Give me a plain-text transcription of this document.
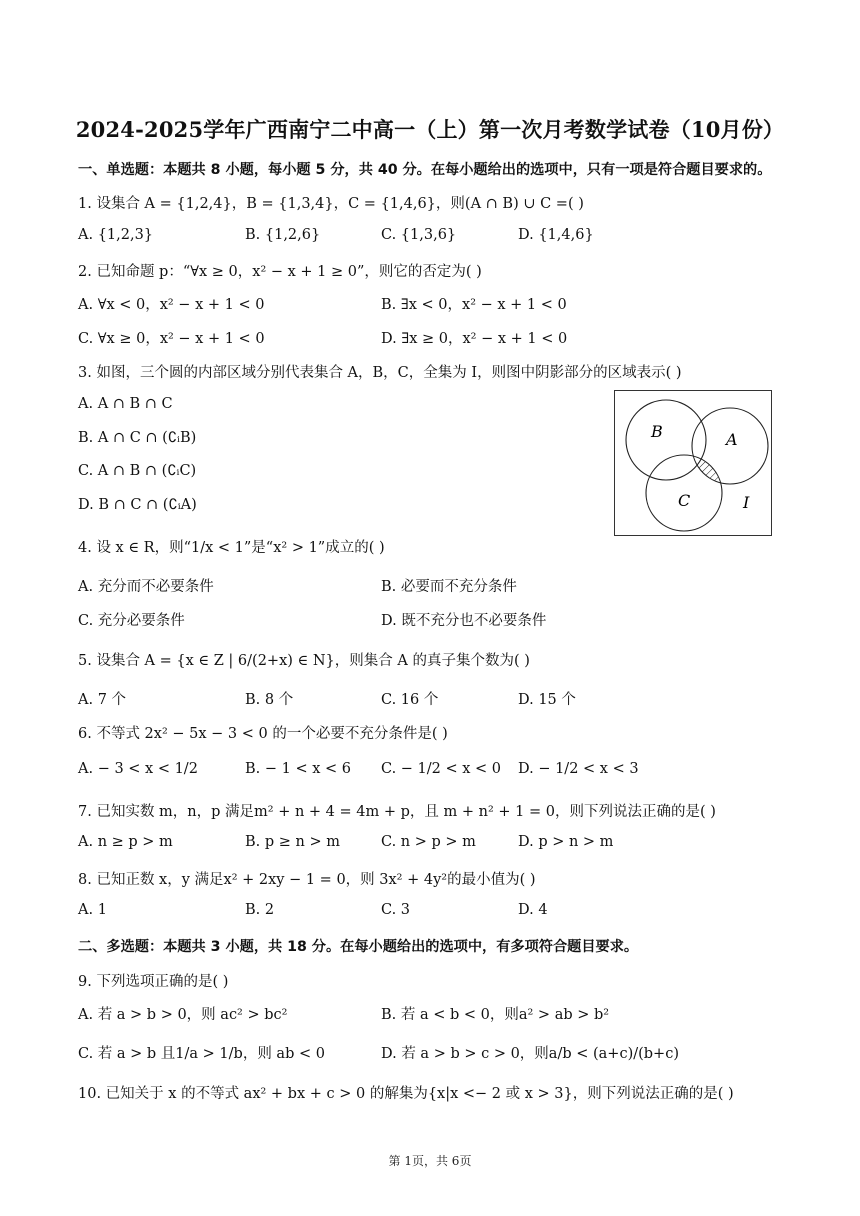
2024-2025学年广西南宁二中高一（上）第一次月考数学试卷（10月份）
一、单选题：本题共 8 小题，每小题 5 分，共 40 分。在每小题给出的选项中，只有一项是符合题目要求的。
1. 设集合 A = {1,2,4}，B = {1,3,4}，C = {1,4,6}，则(A ∩ B) ∪ C =( )
A. {1,2,3}	B. {1,2,6}	C. {1,3,6}	D. {1,4,6}
2. 已知命题 p：“∀x ≥ 0，x² − x + 1 ≥ 0”，则它的否定为( )
A. ∀x < 0，x² − x + 1 < 0	B. ∃x < 0，x² − x + 1 < 0
C. ∀x ≥ 0，x² − x + 1 < 0	D. ∃x ≥ 0，x² − x + 1 < 0
3. 如图，三个圆的内部区域分别代表集合 A，B，C，全集为 I，则图中阴影部分的区域表示( )
A. A ∩ B ∩ C
B. A ∩ C ∩ (∁ᵢB)
C. A ∩ B ∩ (∁ᵢC)
D. B ∩ C ∩ (∁ᵢA)
B	A
C	I
4. 设 x ∈ R，则“1/x < 1”是“x² > 1”成立的( )
A. 充分而不必要条件	B. 必要而不充分条件
C. 充分必要条件	D. 既不充分也不必要条件
5. 设集合 A = {x ∈ Z | 6/(2+x) ∈ N}，则集合 A 的真子集个数为( )
A. 7 个	B. 8 个	C. 16 个	D. 15 个
6. 不等式 2x² − 5x − 3 < 0 的一个必要不充分条件是( )
A. − 3 < x < 1/2	B. − 1 < x < 6 C. − 1/2 < x < 0 D. − 1/2 < x < 3
7. 已知实数 m，n，p 满足m² + n + 4 = 4m + p，且 m + n² + 1 = 0，则下列说法正确的是( )
A. n ≥ p > m	B. p ≥ n > m	C. n > p > m	D. p > n > m
8. 已知正数 x，y 满足x² + 2xy − 1 = 0，则 3x² + 4y²的最小值为( )
A. 1	B. 2	C. 3	D. 4
二、多选题：本题共 3 小题，共 18 分。在每小题给出的选项中，有多项符合题目要求。
9. 下列选项正确的是( )
A. 若 a > b > 0，则 ac² > bc²	B. 若 a < b < 0，则a² > ab > b²
C. 若 a > b 且1/a > 1/b，则 ab < 0	D. 若 a > b > c > 0，则a/b < (a+c)/(b+c)
10. 已知关于 x 的不等式 ax² + bx + c > 0 的解集为{x|x <− 2 或 x > 3}，则下列说法正确的是( )
第 1页，共 6页
